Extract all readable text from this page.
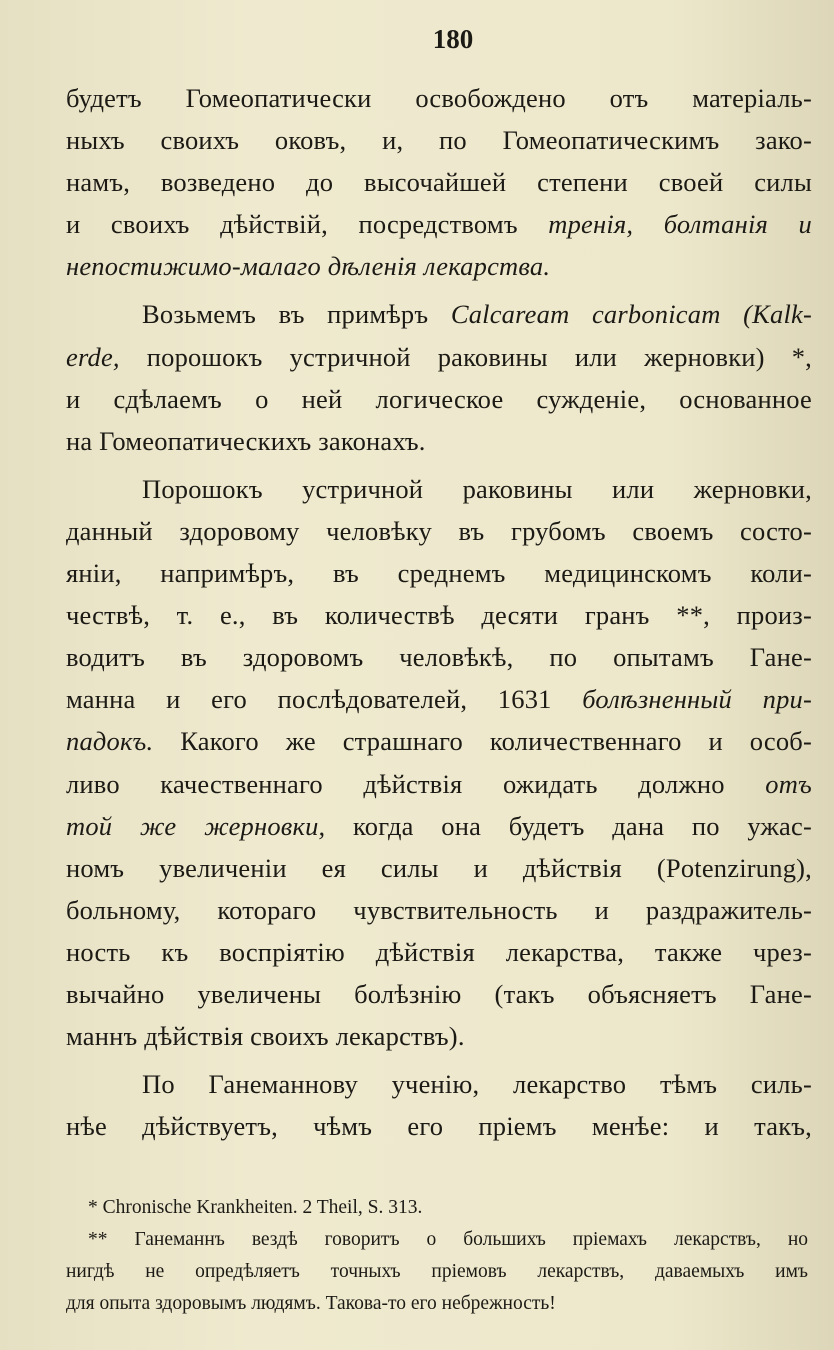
180
будетъ Гомеопатически освобождено отъ матеріаль-
ныхъ своихъ оковъ, и, по Гомеопатическимъ зако-
намъ, возведено до высочайшей степени своей силы
и своихъ дѣйствій, посредствомъ тренія, болтанія и
непостижимо-малаго дѣленія лекарства.
Возьмемъ въ примѣръ Calcaream carbonicam (Kalk-
erde, порошокъ устричной раковины или жерновки) *,
и сдѣлаемъ о ней логическое сужденіе, основанное
на Гомеопатическихъ законахъ.
Порошокъ устричной раковины или жерновки,
данный здоровому человѣку въ грубомъ своемъ состо-
яніи, напримѣръ, въ среднемъ медицинскомъ коли-
чествѣ, т. е., въ количествѣ десяти гранъ **, произ-
водитъ въ здоровомъ человѣкѣ, по опытамъ Гане-
манна и его послѣдователей, 1631 болѣзненный при-
падокъ. Какого же страшнаго количественнаго и особ-
ливо качественнаго дѣйствія ожидать должно отъ
той же жерновки, когда она будетъ дана по ужас-
номъ увеличеніи ея силы и дѣйствія (Potenzirung),
больному, котораго чувствительность и раздражитель-
ность къ воспріятію дѣйствія лекарства, также чрез-
вычайно увеличены болѣзнію (такъ объясняетъ Гане-
маннъ дѣйствія своихъ лекарствъ).
По Ганеманнову ученію, лекарство тѣмъ силь-
нѣе дѣйствуетъ, чѣмъ его пріемъ менѣе: и такъ,
* Chronische Krankheiten. 2 Theil, S. 313.
** Ганеманнъ вездѣ говоритъ о большихъ пріемахъ лекарствъ, но
нигдѣ не опредѣляетъ точныхъ пріемовъ лекарствъ, даваемыхъ имъ
для опыта здоровымъ людямъ. Такова-то его небрежность!
